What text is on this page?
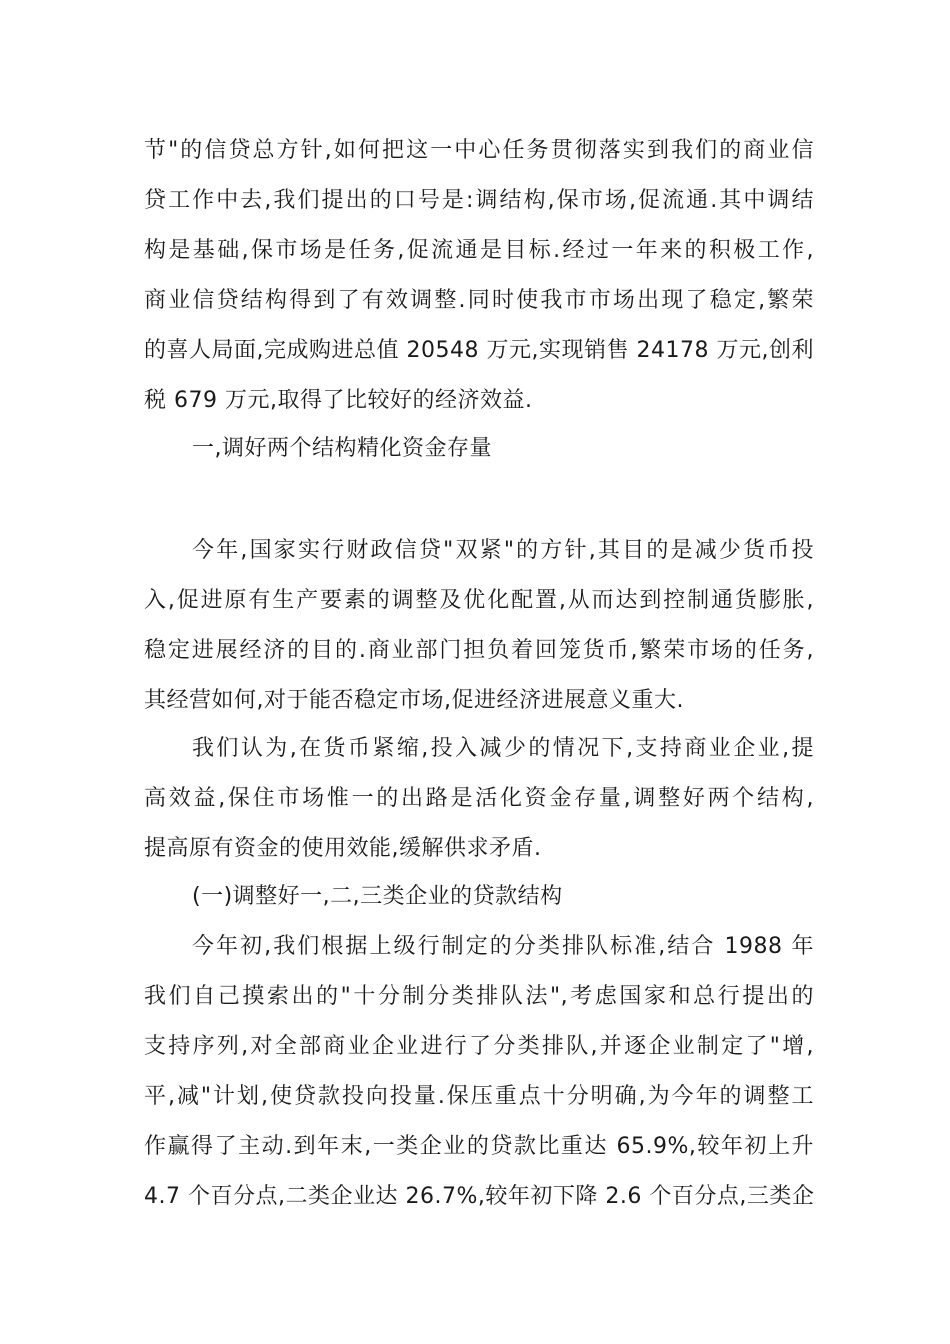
节"的信贷总方针,如何把这一中心任务贯彻落实到我们的商业信
贷工作中去,我们提出的口号是:调结构,保市场,促流通.其中调结
构是基础,保市场是任务,促流通是目标.经过一年来的积极工作,
商业信贷结构得到了有效调整.同时使我市市场出现了稳定,繁荣
的喜人局面,完成购进总值 20548 万元,实现销售 24178 万元,创利
税 679 万元,取得了比较好的经济效益.
一,调好两个结构精化资金存量
今年,国家实行财政信贷"双紧"的方针,其目的是减少货币投
入,促进原有生产要素的调整及优化配置,从而达到控制通货膨胀,
稳定进展经济的目的.商业部门担负着回笼货币,繁荣市场的任务,
其经营如何,对于能否稳定市场,促进经济进展意义重大.
我们认为,在货币紧缩,投入减少的情况下,支持商业企业,提
高效益,保住市场惟一的出路是活化资金存量,调整好两个结构,
提高原有资金的使用效能,缓解供求矛盾.
(一)调整好一,二,三类企业的贷款结构
今年初,我们根据上级行制定的分类排队标准,结合 1988 年
我们自己摸索出的"十分制分类排队法",考虑国家和总行提出的
支持序列,对全部商业企业进行了分类排队,并逐企业制定了"增,
平,减"计划,使贷款投向投量.保压重点十分明确,为今年的调整工
作赢得了主动.到年末,一类企业的贷款比重达 65.9%,较年初上升
4.7 个百分点,二类企业达 26.7%,较年初下降 2.6 个百分点,三类企
